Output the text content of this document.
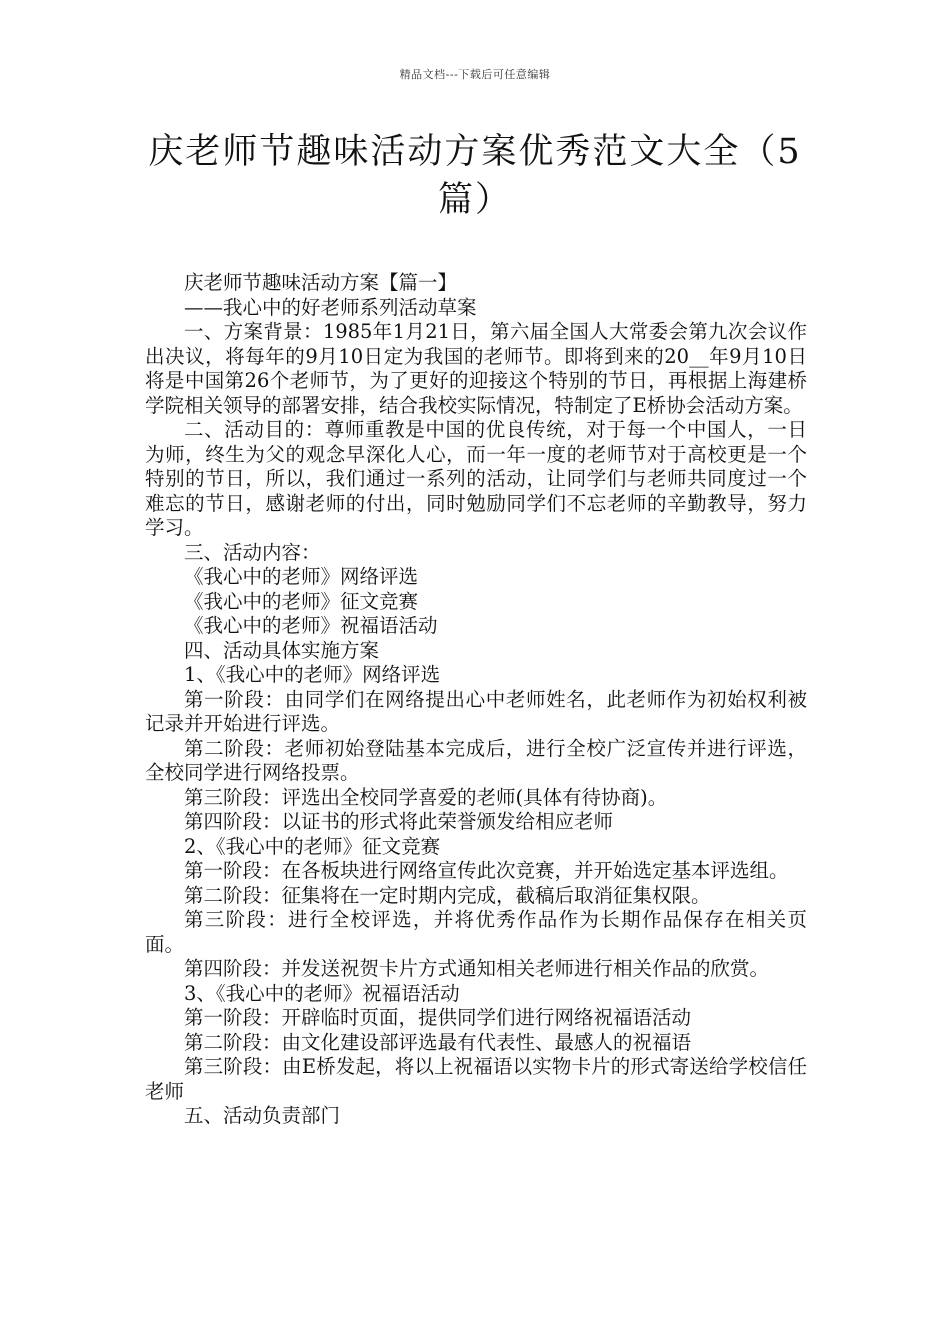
精品文档---下载后可任意编辑
庆老师节趣味活动方案优秀范文大全（5篇）

庆老师节趣味活动方案【篇一】

——我心中的好老师系列活动草案

一、方案背景：1985年1月21日，第六届全国人大常委会第九次会议作出决议，将每年的9月10日定为我国的老师节。即将到来的20__年9月10日将是中国第26个老师节，为了更好的迎接这个特别的节日，再根据上海建桥学院相关领导的部署安排，结合我校实际情况，特制定了E桥协会活动方案。

二、活动目的：尊师重教是中国的优良传统，对于每一个中国人，一日为师，终生为父的观念早深化人心，而一年一度的老师节对于高校更是一个特别的节日，所以，我们通过一系列的活动，让同学们与老师共同度过一个难忘的节日，感谢老师的付出，同时勉励同学们不忘老师的辛勤教导，努力学习。

三、活动内容：

《我心中的老师》网络评选

《我心中的老师》征文竞赛

《我心中的老师》祝福语活动

四、活动具体实施方案

1、《我心中的老师》网络评选

第一阶段：由同学们在网络提出心中老师姓名，此老师作为初始权利被记录并开始进行评选。

第二阶段：老师初始登陆基本完成后，进行全校广泛宣传并进行评选，全校同学进行网络投票。

第三阶段：评选出全校同学喜爱的老师(具体有待协商)。

第四阶段：以证书的形式将此荣誉颁发给相应老师

2、《我心中的老师》征文竞赛

第一阶段：在各板块进行网络宣传此次竞赛，并开始选定基本评选组。

第二阶段：征集将在一定时期内完成，截稿后取消征集权限。

第三阶段：进行全校评选，并将优秀作品作为长期作品保存在相关页面。

第四阶段：并发送祝贺卡片方式通知相关老师进行相关作品的欣赏。

3、《我心中的老师》祝福语活动

第一阶段：开辟临时页面，提供同学们进行网络祝福语活动

第二阶段：由文化建设部评选最有代表性、最感人的祝福语

第三阶段：由E桥发起，将以上祝福语以实物卡片的形式寄送给学校信任老师

五、活动负责部门
